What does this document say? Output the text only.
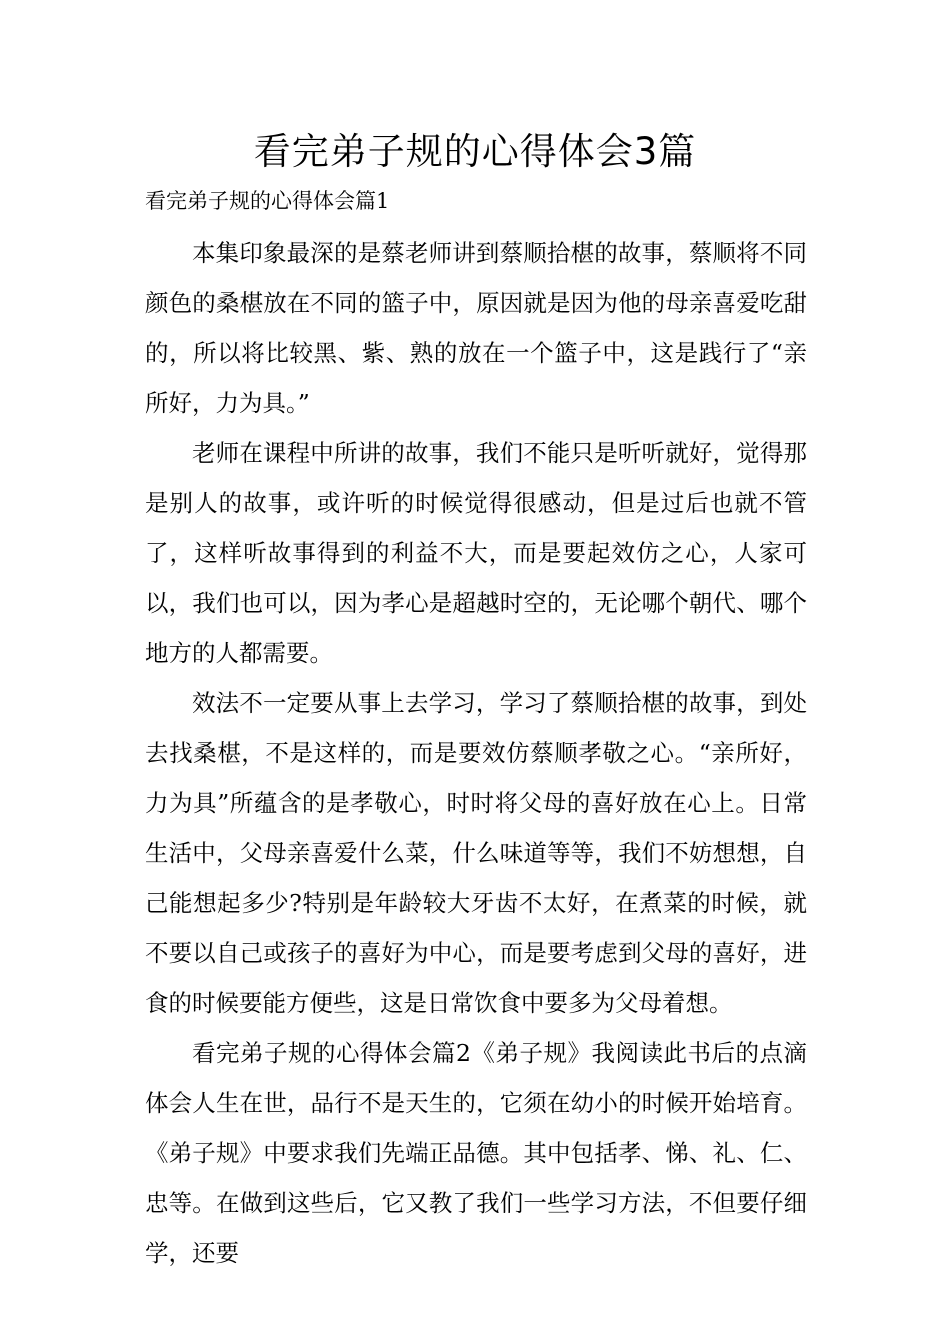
看完弟子规的心得体会3篇
看完弟子规的心得体会篇1

本集印象最深的是蔡老师讲到蔡顺拾椹的故事，蔡顺将不同颜色的桑椹放在不同的篮子中，原因就是因为他的母亲喜爱吃甜的，所以将比较黑、紫、熟的放在一个篮子中，这是践行了“亲所好，力为具。”

老师在课程中所讲的故事，我们不能只是听听就好，觉得那是别人的故事，或许听的时候觉得很感动，但是过后也就不管了，这样听故事得到的利益不大，而是要起效仿之心，人家可以，我们也可以，因为孝心是超越时空的，无论哪个朝代、哪个地方的人都需要。

效法不一定要从事上去学习，学习了蔡顺拾椹的故事，到处去找桑椹，不是这样的，而是要效仿蔡顺孝敬之心。“亲所好，力为具”所蕴含的是孝敬心，时时将父母的喜好放在心上。日常生活中，父母亲喜爱什么菜，什么味道等等，我们不妨想想，自己能想起多少?特别是年龄较大牙齿不太好，在煮菜的时候，就不要以自己或孩子的喜好为中心，而是要考虑到父母的喜好，进食的时候要能方便些，这是日常饮食中要多为父母着想。

看完弟子规的心得体会篇2《弟子规》我阅读此书后的点滴体会人生在世，品行不是天生的，它须在幼小的时候开始培育。《弟子规》中要求我们先端正品德。其中包括孝、悌、礼、仁、忠等。在做到这些后，它又教了我们一些学习方法，不但要仔细学，还要
